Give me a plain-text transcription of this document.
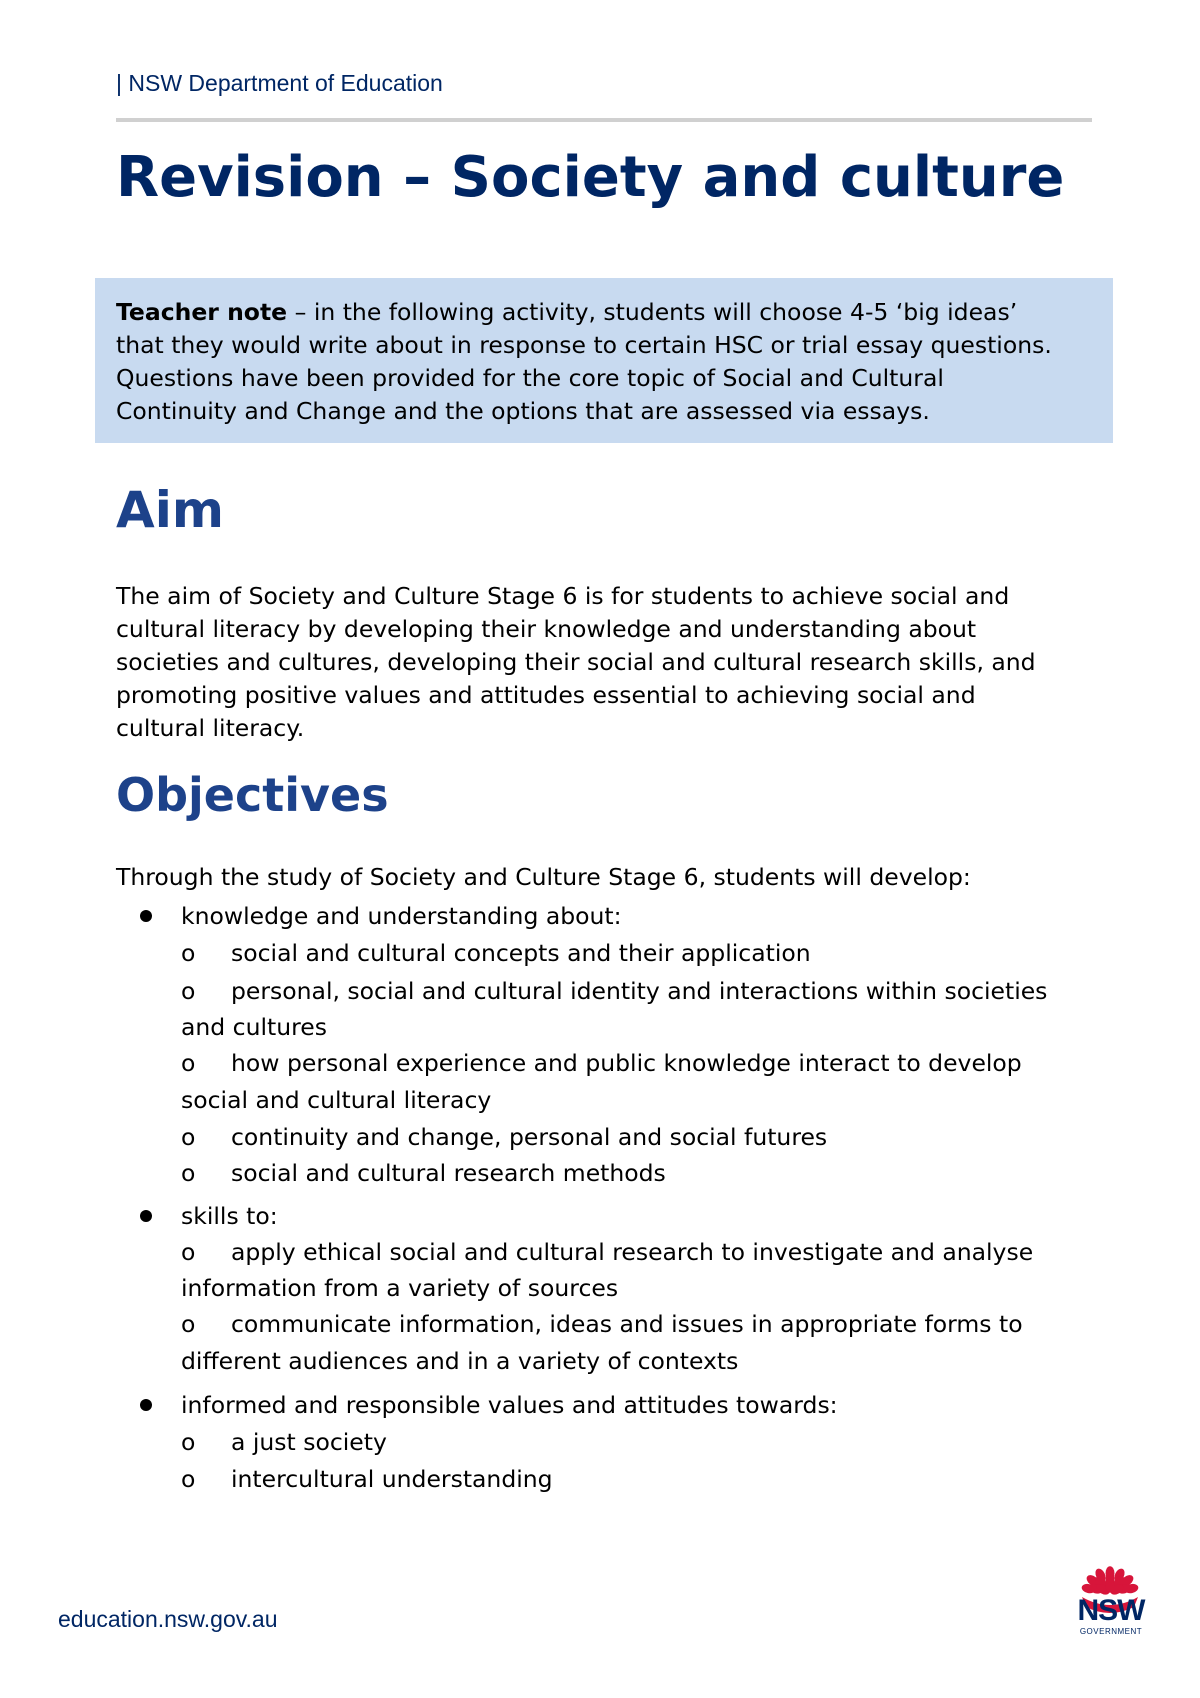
| NSW Department of Education
Revision – Society and culture
Teacher note – in the following activity, students will choose 4-5 ‘big ideas’
that they would write about in response to certain HSC or trial essay questions.
Questions have been provided for the core topic of Social and Cultural
Continuity and Change and the options that are assessed via essays.
Aim
The aim of Society and Culture Stage 6 is for students to achieve social and
cultural literacy by developing their knowledge and understanding about
societies and cultures, developing their social and cultural research skills, and
promoting positive values and attitudes essential to achieving social and
cultural literacy.
Objectives
Through the study of Society and Culture Stage 6, students will develop:
knowledge and understanding about:
o social and cultural concepts and their application
o personal, social and cultural identity and interactions within societies
and cultures
o how personal experience and public knowledge interact to develop
social and cultural literacy
o continuity and change, personal and social futures
o social and cultural research methods
skills to:
o apply ethical social and cultural research to investigate and analyse
information from a variety of sources
o communicate information, ideas and issues in appropriate forms to
different audiences and in a variety of contexts
informed and responsible values and attitudes towards:
o a just society
o intercultural understanding
education.nsw.gov.au	NSW
GOVERNMENT
